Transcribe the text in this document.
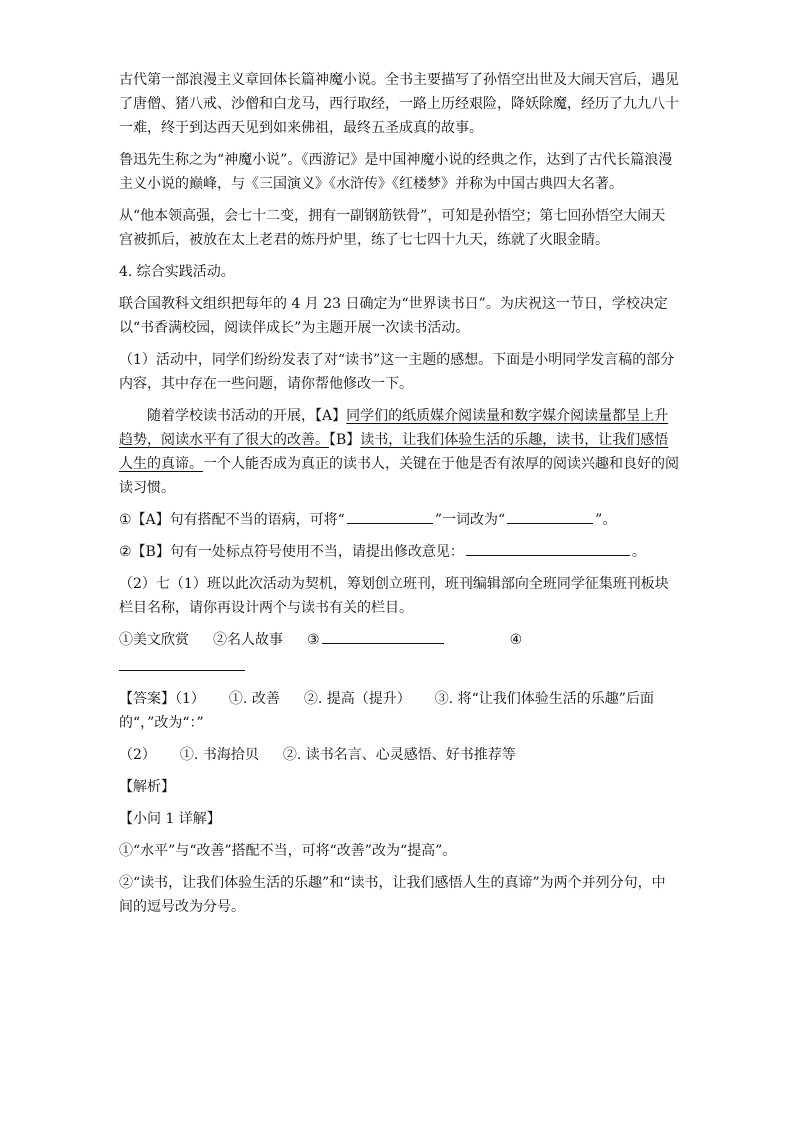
古代第一部浪漫主义章回体长篇神魔小说。全书主要描写了孙悟空出世及大闹天宫后，遇见了唐僧、猪八戒、沙僧和白龙马，西行取经，一路上历经艰险，降妖除魔，经历了九九八十一难，终于到达西天见到如来佛祖，最终五圣成真的故事。

鲁迅先生称之为“神魔小说”。《西游记》是中国神魔小说的经典之作，达到了古代长篇浪漫主义小说的巅峰，与《三国演义》《水浒传》《红楼梦》并称为中国古典四大名著。

从“他本领高强，会七十二变，拥有一副钢筋铁骨”，可知是孙悟空；第七回孙悟空大闹天宫被抓后，被放在太上老君的炼丹炉里，练了七七四十九天，练就了火眼金睛。

4. 综合实践活动。

联合国教科文组织把每年的 4 月 23 日确定为“世界读书日”。为庆祝这一节日，学校决定以“书香满校园，阅读伴成长”为主题开展一次读书活动。

（1）活动中，同学们纷纷发表了对“读书”这一主题的感想。下面是小明同学发言稿的部分内容，其中存在一些问题，请你帮他修改一下。

随着学校读书活动的开展，【A】同学们的纸质媒介阅读量和数字媒介阅读量都呈上升趋势，阅读水平有了很大的改善。【B】读书，让我们体验生活的乐趣，读书，让我们感悟人生的真谛。一个人能否成为真正的读书人，关键在于他是否有浓厚的阅读兴趣和良好的阅读习惯。

①【A】句有搭配不当的语病，可将“	”一词改为“	”。

②【B】句有一处标点符号使用不当，请提出修改意见：	。

（2）七（1）班以此次活动为契机，筹划创立班刊，班刊编辑部向全班同学征集班刊板块栏目名称，请你再设计两个与读书有关的栏目。

①美文欣赏 ②名人故事 ③	④

【答案】（1） ①. 改善 ②. 提高（提升） ③. 将“让我们体验生活的乐趣”后面的“，”改为“：”

（2） ①. 书海拾贝 ②. 读书名言、心灵感悟、好书推荐等

【解析】

【小问 1 详解】

①“水平”与“改善”搭配不当，可将“改善”改为“提高”。

②“读书，让我们体验生活的乐趣”和“读书，让我们感悟人生的真谛”为两个并列分句，中间的逗号改为分号。
